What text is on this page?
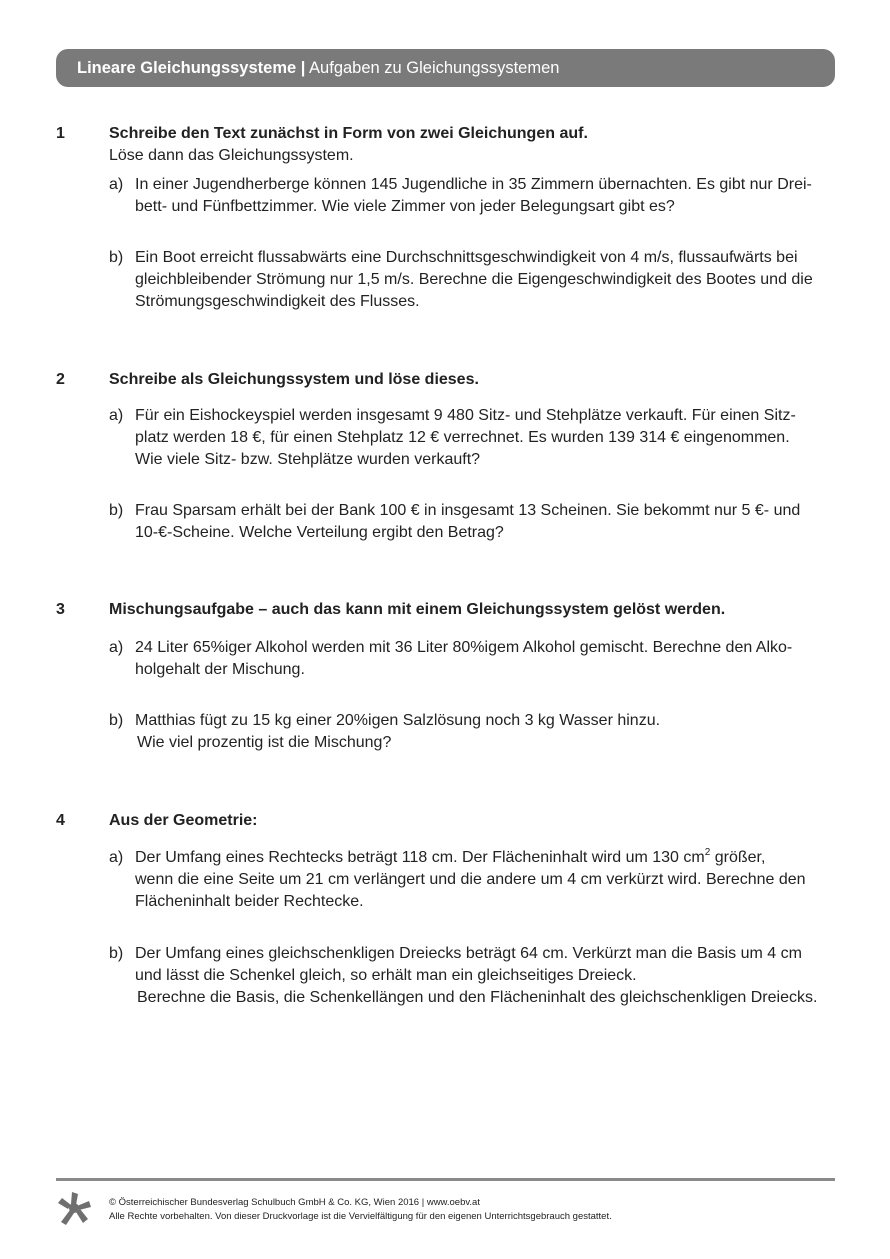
Lineare Gleichungssysteme | Aufgaben zu Gleichungssystemen
1	Schreibe den Text zunächst in Form von zwei Gleichungen auf.
Löse dann das Gleichungssystem.
a) In einer Jugendherberge können 145 Jugendliche in 35 Zimmern übernachten. Es gibt nur Drei-
bett- und Fünfbettzimmer. Wie viele Zimmer von jeder Belegungsart gibt es?
b) Ein Boot erreicht flussabwärts eine Durchschnittsgeschwindigkeit von 4 m/s, flussaufwärts bei
gleichbleibender Strömung nur 1,5 m/s. Berechne die Eigengeschwindigkeit des Bootes und die
Strömungsgeschwindigkeit des Flusses.
2	Schreibe als Gleichungssystem und löse dieses.
a) Für ein Eishockeyspiel werden insgesamt 9 480 Sitz- und Stehplätze verkauft. Für einen Sitz-
platz werden 18 €, für einen Stehplatz 12 € verrechnet. Es wurden 139 314 € eingenommen.
Wie viele Sitz- bzw. Stehplätze wurden verkauft?
b) Frau Sparsam erhält bei der Bank 100 € in insgesamt 13 Scheinen. Sie bekommt nur 5 €- und
10-€-Scheine. Welche Verteilung ergibt den Betrag?
3	Mischungsaufgabe – auch das kann mit einem Gleichungssystem gelöst werden.
a) 24 Liter 65%iger Alkohol werden mit 36 Liter 80%igem Alkohol gemischt. Berechne den Alko-
holgehalt der Mischung.
b) Matthias fügt zu 15 kg einer 20%igen Salzlösung noch 3 kg Wasser hinzu.
Wie viel prozentig ist die Mischung?
4	Aus der Geometrie:
a) Der Umfang eines Rechtecks beträgt 118 cm. Der Flächeninhalt wird um 130 $cm^2$ größer,
wenn die eine Seite um 21 cm verlängert und die andere um 4 cm verkürzt wird. Berechne den
Flächeninhalt beider Rechtecke.
b) Der Umfang eines gleichschenkligen Dreiecks beträgt 64 cm. Verkürzt man die Basis um 4 cm
und lässt die Schenkel gleich, so erhält man ein gleichseitiges Dreieck.
Berechne die Basis, die Schenkellängen und den Flächeninhalt des gleichschenkligen Dreiecks.
© Österreichischer Bundesverlag Schulbuch GmbH & Co. KG, Wien 2016 | www.oebv.at
Alle Rechte vorbehalten. Von dieser Druckvorlage ist die Vervielfältigung für den eigenen Unterrichtsgebrauch gestattet.
